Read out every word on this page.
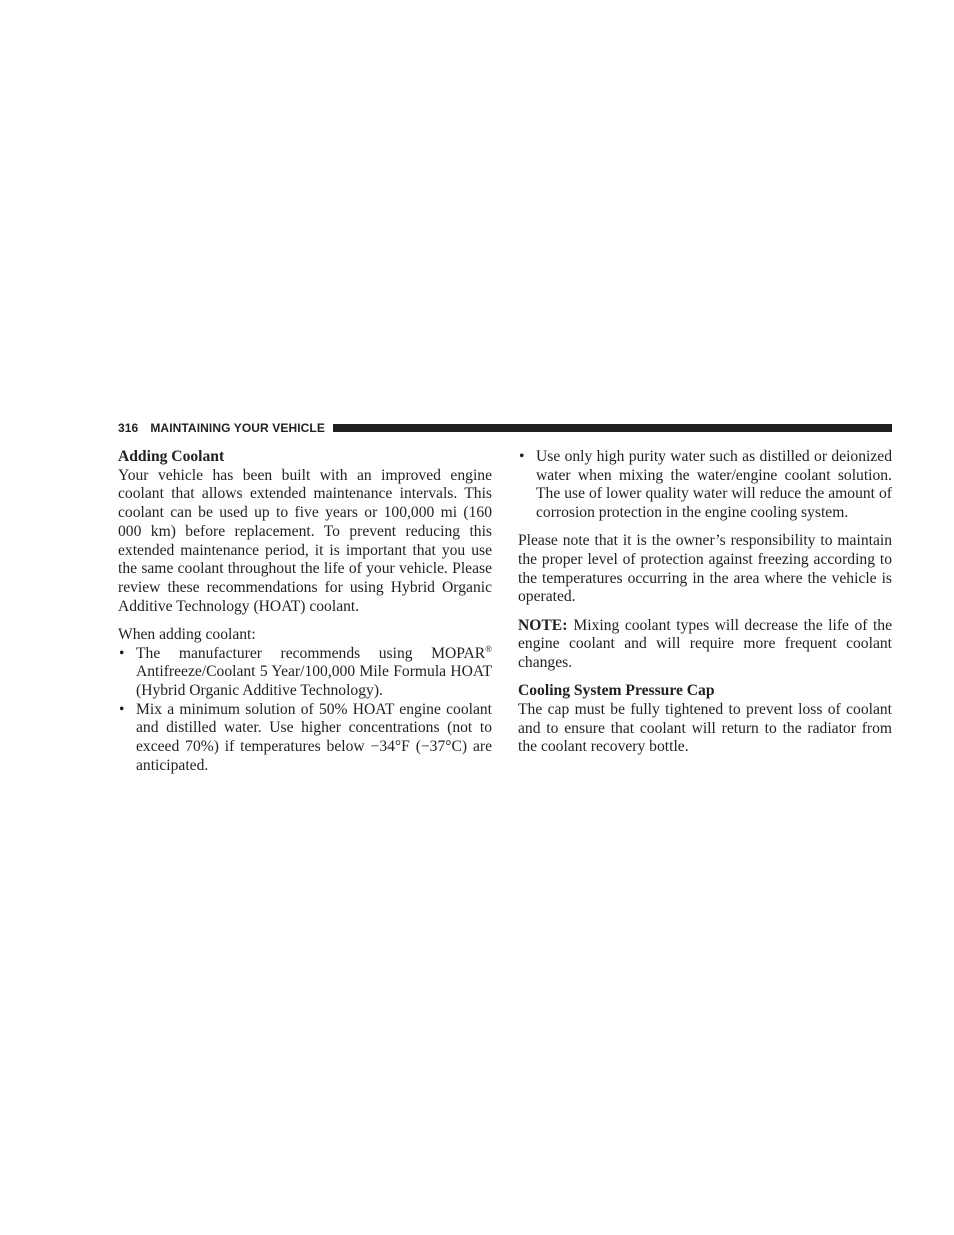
316 MAINTAINING YOUR VEHICLE

Adding Coolant

Your vehicle has been built with an improved engine coolant that allows extended maintenance intervals. This coolant can be used up to five years or 100,000 mi (160 000 km) before replacement. To prevent reducing this extended maintenance period, it is important that you use the same coolant throughout the life of your vehicle. Please review these recommendations for using Hybrid Organic Additive Technology (HOAT) coolant.

When adding coolant:

• The manufacturer recommends using MOPAR® Antifreeze/Coolant 5 Year/100,000 Mile Formula HOAT (Hybrid Organic Additive Technology).
• Mix a minimum solution of 50% HOAT engine coolant and distilled water. Use higher concentrations (not to exceed 70%) if temperatures below −34°F (−37°C) are anticipated.
• Use only high purity water such as distilled or deionized water when mixing the water/engine coolant solution. The use of lower quality water will reduce the amount of corrosion protection in the engine cooling system.

Please note that it is the owner’s responsibility to maintain the proper level of protection against freezing according to the temperatures occurring in the area where the vehicle is operated.

NOTE: Mixing coolant types will decrease the life of the engine coolant and will require more frequent coolant changes.

Cooling System Pressure Cap

The cap must be fully tightened to prevent loss of coolant and to ensure that coolant will return to the radiator from the coolant recovery bottle.
